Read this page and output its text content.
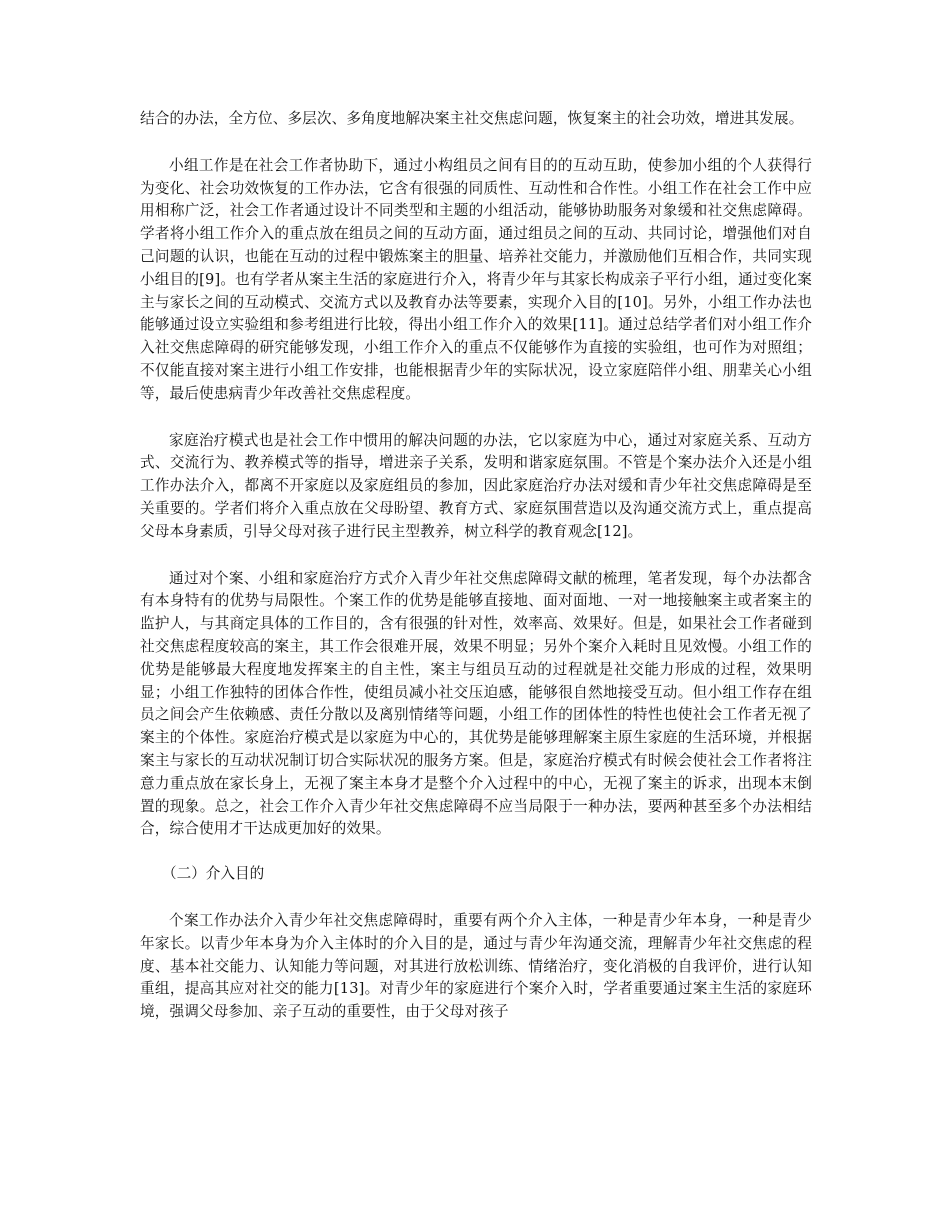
结合的办法，全方位、多层次、多角度地解决案主社交焦虑问题，恢复案主的社会功效，增进其发展。

小组工作是在社会工作者协助下，通过小构组员之间有目的的互动互助，使参加小组的个人获得行为变化、社会功效恢复的工作办法，它含有很强的同质性、互动性和合作性。小组工作在社会工作中应用相称广泛，社会工作者通过设计不同类型和主题的小组活动，能够协助服务对象缓和社交焦虑障碍。学者将小组工作介入的重点放在组员之间的互动方面，通过组员之间的互动、共同讨论，增强他们对自己问题的认识，也能在互动的过程中锻炼案主的胆量、培养社交能力，并激励他们互相合作，共同实现小组目的[9]。也有学者从案主生活的家庭进行介入，将青少年与其家长构成亲子平行小组，通过变化案主与家长之间的互动模式、交流方式以及教育办法等要素，实现介入目的[10]。另外，小组工作办法也能够通过设立实验组和参考组进行比较，得出小组工作介入的效果[11]。通过总结学者们对小组工作介入社交焦虑障碍的研究能够发现，小组工作介入的重点不仅能够作为直接的实验组，也可作为对照组；不仅能直接对案主进行小组工作安排，也能根据青少年的实际状况，设立家庭陪伴小组、朋辈关心小组等，最后使患病青少年改善社交焦虑程度。

家庭治疗模式也是社会工作中惯用的解决问题的办法，它以家庭为中心，通过对家庭关系、互动方式、交流行为、教养模式等的指导，增进亲子关系，发明和谐家庭氛围。不管是个案办法介入还是小组工作办法介入，都离不开家庭以及家庭组员的参加，因此家庭治疗办法对缓和青少年社交焦虑障碍是至关重要的。学者们将介入重点放在父母盼望、教育方式、家庭氛围营造以及沟通交流方式上，重点提高父母本身素质，引导父母对孩子进行民主型教养，树立科学的教育观念[12]。

通过对个案、小组和家庭治疗方式介入青少年社交焦虑障碍文献的梳理，笔者发现，每个办法都含有本身特有的优势与局限性。个案工作的优势是能够直接地、面对面地、一对一地接触案主或者案主的监护人，与其商定具体的工作目的，含有很强的针对性，效率高、效果好。但是，如果社会工作者碰到社交焦虑程度较高的案主，其工作会很难开展，效果不明显；另外个案介入耗时且见效慢。小组工作的优势是能够最大程度地发挥案主的自主性，案主与组员互动的过程就是社交能力形成的过程，效果明显；小组工作独特的团体合作性，使组员减小社交压迫感，能够很自然地接受互动。但小组工作存在组员之间会产生依赖感、责任分散以及离别情绪等问题，小组工作的团体性的特性也使社会工作者无视了案主的个体性。家庭治疗模式是以家庭为中心的，其优势是能够理解案主原生家庭的生活环境，并根据案主与家长的互动状况制订切合实际状况的服务方案。但是，家庭治疗模式有时候会使社会工作者将注意力重点放在家长身上，无视了案主本身才是整个介入过程中的中心，无视了案主的诉求，出现本末倒置的现象。总之，社会工作介入青少年社交焦虑障碍不应当局限于一种办法，要两种甚至多个办法相结合，综合使用才干达成更加好的效果。

（二）介入目的

个案工作办法介入青少年社交焦虑障碍时，重要有两个介入主体，一种是青少年本身，一种是青少年家长。以青少年本身为介入主体时的介入目的是，通过与青少年沟通交流，理解青少年社交焦虑的程度、基本社交能力、认知能力等问题，对其进行放松训练、情绪治疗，变化消极的自我评价，进行认知重组，提高其应对社交的能力[13]。对青少年的家庭进行个案介入时，学者重要通过案主生活的家庭环境，强调父母参加、亲子互动的重要性，由于父母对孩子
